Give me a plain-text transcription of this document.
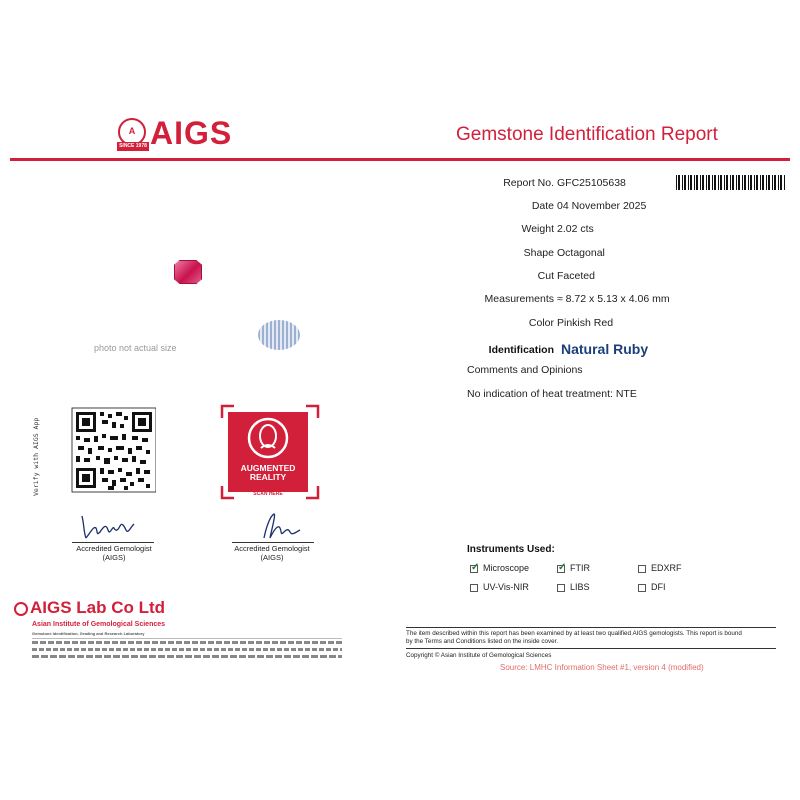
A
SINCE 1978 AIGS	Gemstone Identification Report
Report No. GFC25105638
Date 04 November 2025
Weight 2.02 cts
Shape Octagonal
Cut Faceted
Measurements ≈ 8.72 x 5.13 x 4.06 mm
Color Pinkish Red
Identification Natural Ruby
Comments and Opinions
No indication of heat treatment: NTE
photo not actual size
Verify with AIGS App	AUGMENTED
REALITY
SCAN HERE
Accredited Gemologist
(AIGS)
Accredited Gemologist
(AIGS)
Instruments Used:
✓ Microscope	✓ FTIR	EDXRF
UV-Vis-NIR	LIBS	DFI
AIGS Lab Co Ltd
Asian Institute of Gemological Sciences
Gemstone Identification, Grading and Research Laboratory	The item described within this report has been examined by at least two qualified AIGS gemologists. This report is bound by the Terms and Conditions listed on the inside cover.
Copyright © Asian Institute of Gemological Sciences
Source: LMHC Information Sheet #1, version 4 (modified)
